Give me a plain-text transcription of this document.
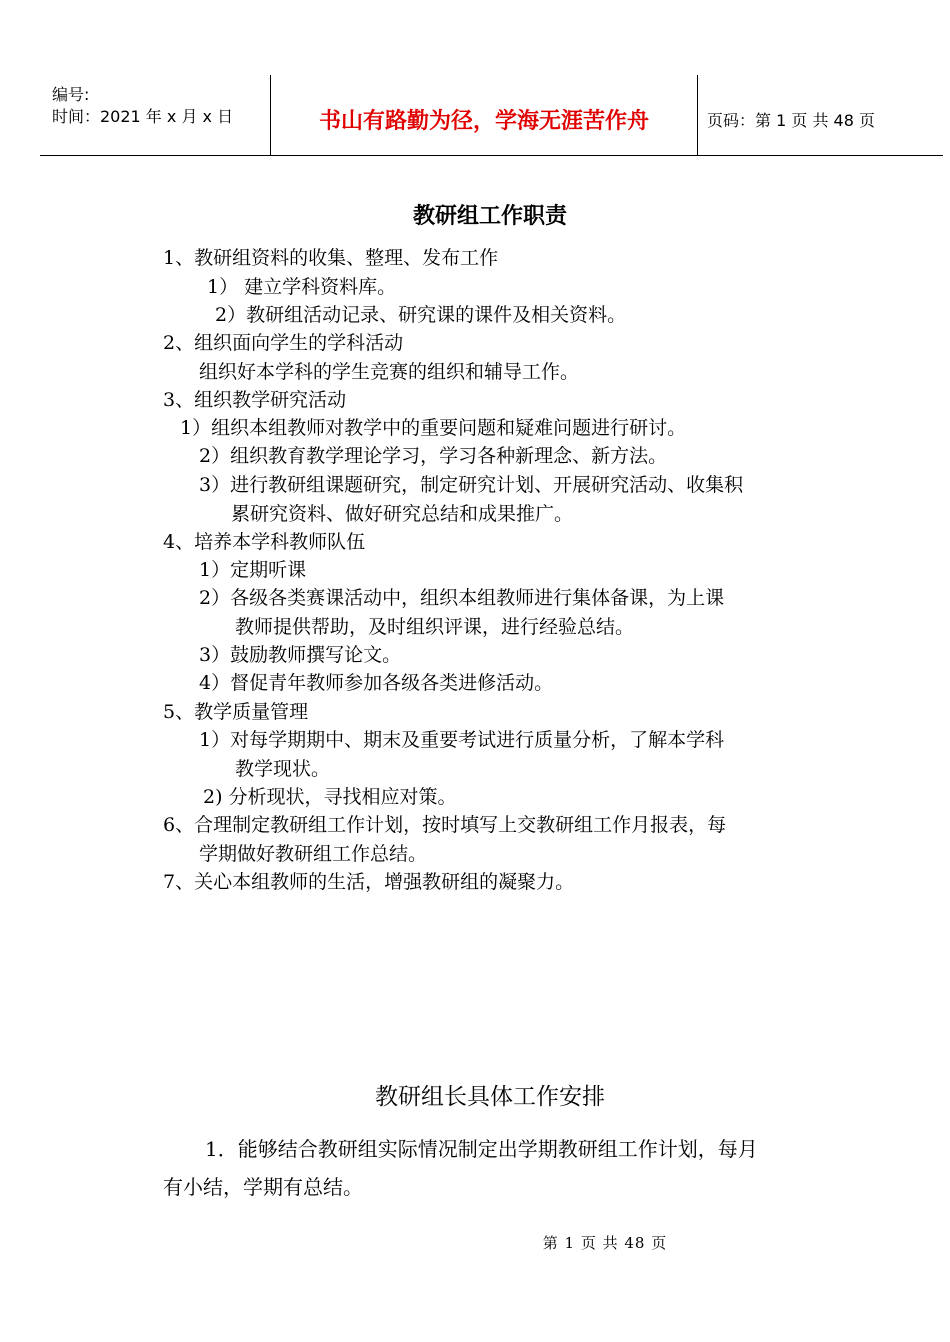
编号:
时间：2021 年 x 月 x 日	书山有路勤为径，学海无涯苦作舟	页码：第 1 页 共 48 页
教研组工作职责
1、教研组资料的收集、整理、发布工作
1） 建立学科资料库。
2）教研组活动记录、研究课的课件及相关资料。
2、组织面向学生的学科活动
组织好本学科的学生竞赛的组织和辅导工作。
3、组织教学研究活动
1）组织本组教师对教学中的重要问题和疑难问题进行研讨。
2）组织教育教学理论学习，学习各种新理念、新方法。
3）进行教研组课题研究，制定研究计划、开展研究活动、收集积
累研究资料、做好研究总结和成果推广。
4、培养本学科教师队伍
1）定期听课
2）各级各类赛课活动中，组织本组教师进行集体备课，为上课
教师提供帮助，及时组织评课，进行经验总结。
3）鼓励教师撰写论文。
4）督促青年教师参加各级各类进修活动。
5、教学质量管理
1）对每学期期中、期末及重要考试进行质量分析，了解本学科
教学现状。
2) 分析现状，寻找相应对策。
6、合理制定教研组工作计划，按时填写上交教研组工作月报表，每
学期做好教研组工作总结。
7、关心本组教师的生活，增强教研组的凝聚力。
教研组长具体工作安排
1．能够结合教研组实际情况制定出学期教研组工作计划，每月
有小结，学期有总结。
第 1 页 共 48 页
